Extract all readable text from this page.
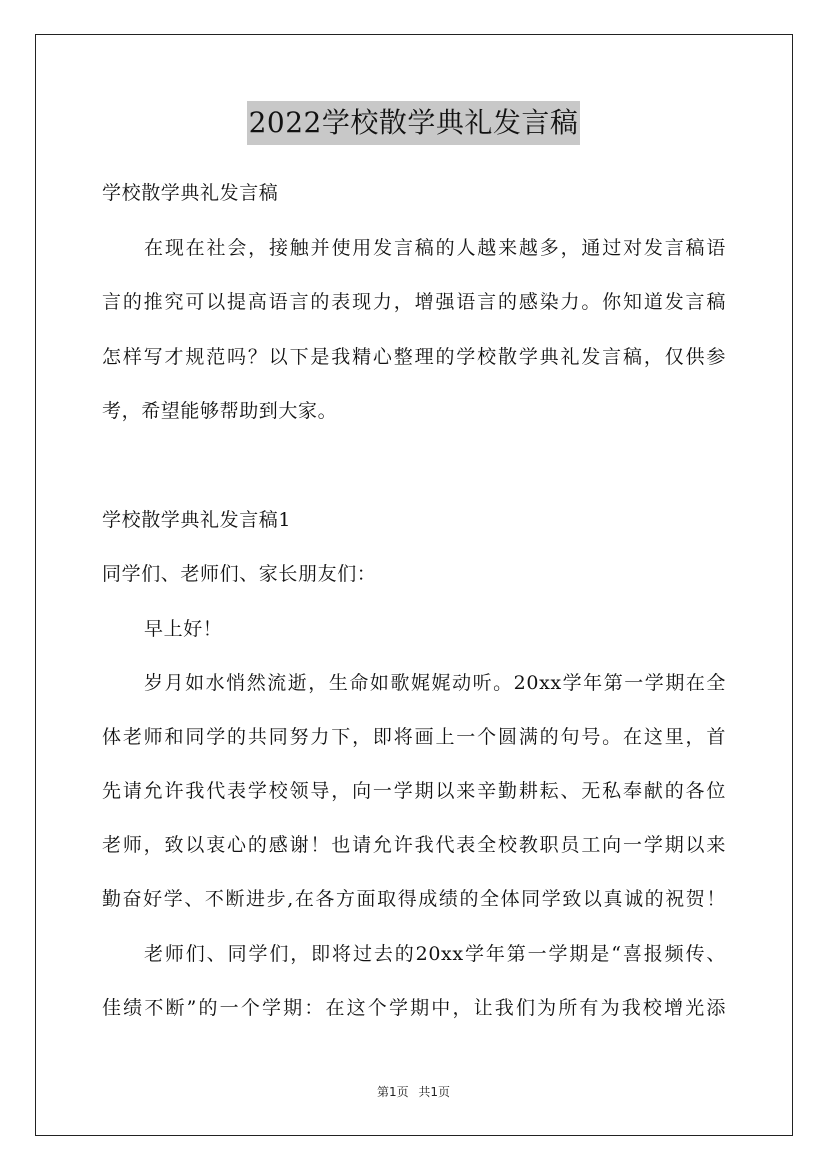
2022学校散学典礼发言稿
学校散学典礼发言稿
在现在社会，接触并使用发言稿的人越来越多，通过对发言稿语
言的推究可以提高语言的表现力，增强语言的感染力。你知道发言稿
怎样写才规范吗？以下是我精心整理的学校散学典礼发言稿，仅供参
考，希望能够帮助到大家。
学校散学典礼发言稿1
同学们、老师们、家长朋友们：
早上好！
岁月如水悄然流逝，生命如歌娓娓动听。20xx学年第一学期在全
体老师和同学的共同努力下，即将画上一个圆满的句号。在这里，首
先请允许我代表学校领导，向一学期以来辛勤耕耘、无私奉献的各位
老师，致以衷心的感谢！也请允许我代表全校教职员工向一学期以来
勤奋好学、不断进步,在各方面取得成绩的全体同学致以真诚的祝贺！
老师们、同学们，即将过去的20xx学年第一学期是“喜报频传、
佳绩不断”的一个学期：在这个学期中，让我们为所有为我校增光添
第1页 共1页
